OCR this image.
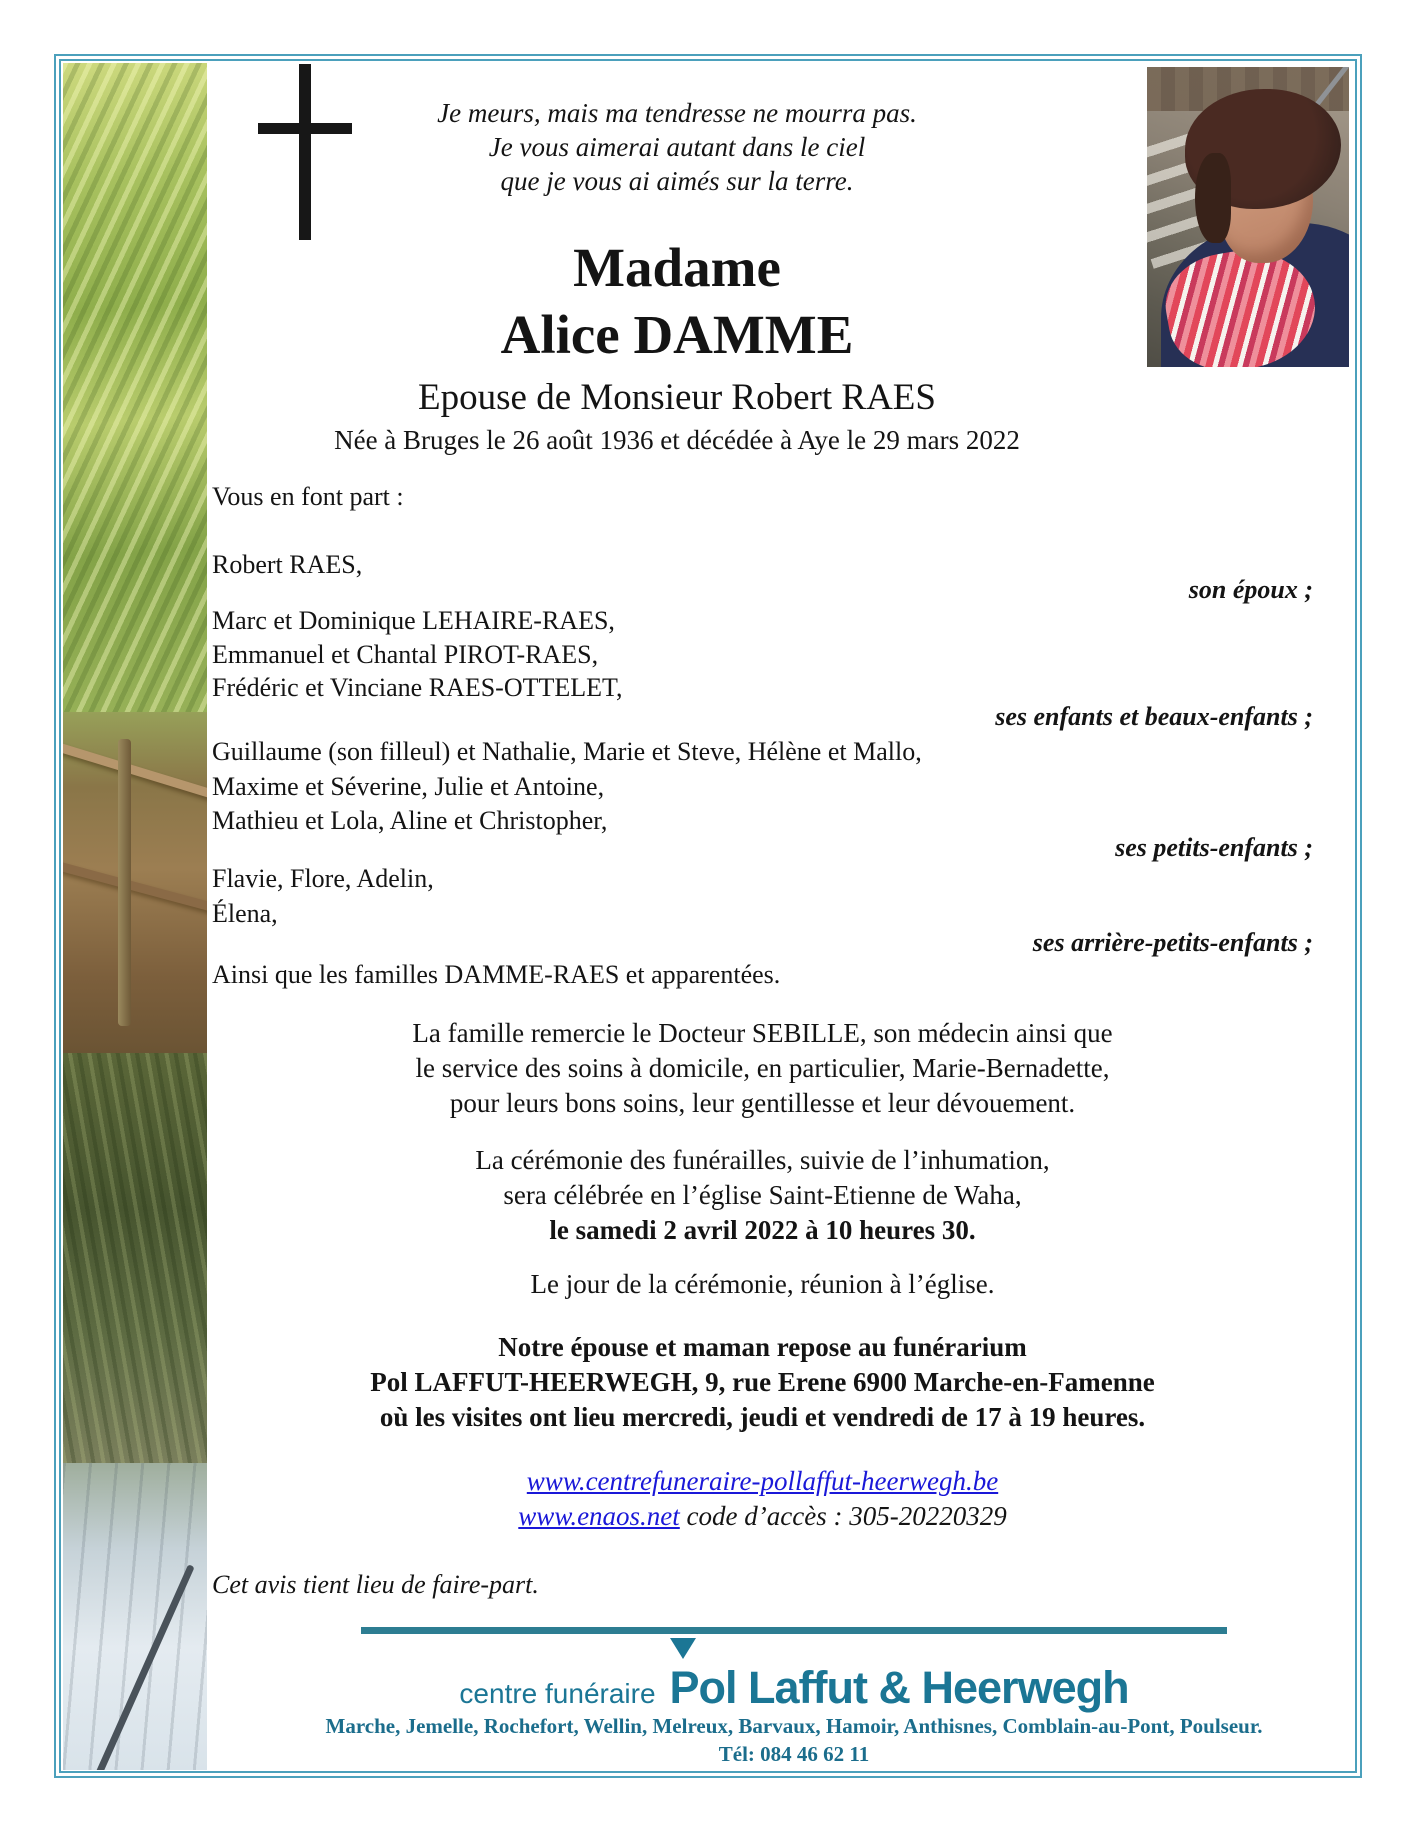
Je meurs, mais ma tendresse ne mourra pas.
Je vous aimerai autant dans le ciel
que je vous ai aimés sur la terre.
Madame
Alice DAMME
Epouse de Monsieur Robert RAES
Née à Bruges le 26 août 1936 et décédée à Aye le 29 mars 2022
Vous en font part :
Robert RAES,
son époux ;
Marc et Dominique LEHAIRE-RAES,
Emmanuel et Chantal PIROT-RAES,
Frédéric et Vinciane RAES-OTTELET,
ses enfants et beaux-enfants ;
Guillaume (son filleul) et Nathalie, Marie et Steve, Hélène et Mallo,
Maxime et Séverine, Julie et Antoine,
Mathieu et Lola, Aline et Christopher,
ses petits-enfants ;
Flavie, Flore, Adelin,
Élena,
ses arrière-petits-enfants ;
Ainsi que les familles DAMME-RAES et apparentées.
La famille remercie le Docteur SEBILLE, son médecin ainsi que
le service des soins à domicile, en particulier, Marie-Bernadette,
pour leurs bons soins, leur gentillesse et leur dévouement.
La cérémonie des funérailles, suivie de l’inhumation,
sera célébrée en l’église Saint-Etienne de Waha,
le samedi 2 avril 2022 à 10 heures 30.
Le jour de la cérémonie, réunion à l’église.
Notre épouse et maman repose au funérarium
Pol LAFFUT-HEERWEGH, 9, rue Erene 6900 Marche-en-Famenne
où les visites ont lieu mercredi, jeudi et vendredi de 17 à 19 heures.
www.centrefuneraire-pollaffut-heerwegh.be
www.enaos.net code d’accès : 305-20220329
Cet avis tient lieu de faire-part.
centre funéraire Pol Laffut & Heerwegh
Marche, Jemelle, Rochefort, Wellin, Melreux, Barvaux, Hamoir, Anthisnes, Comblain-au-Pont, Poulseur.
Tél: 084 46 62 11
